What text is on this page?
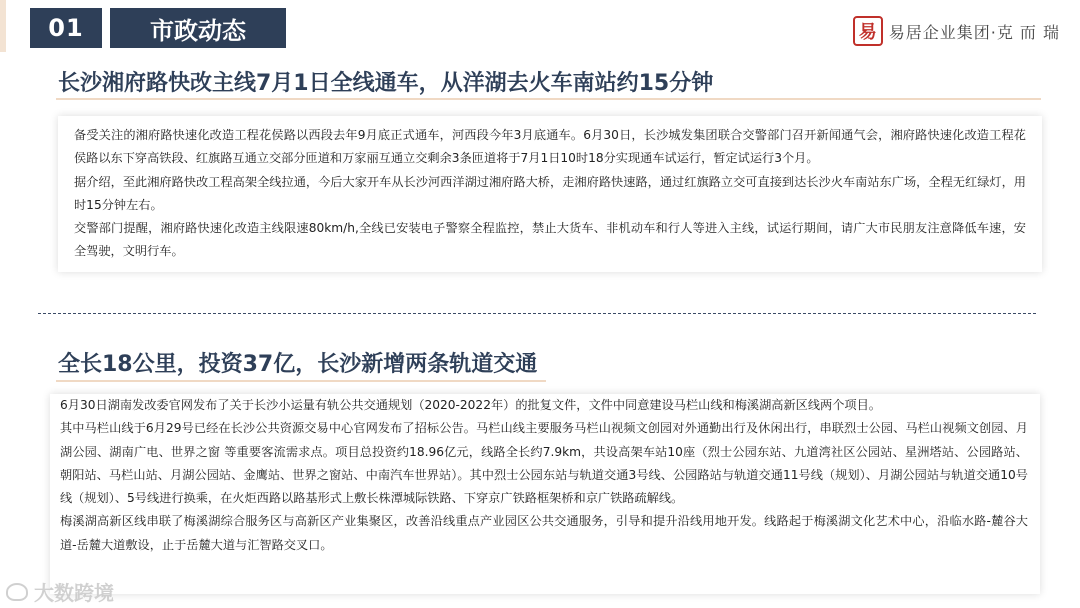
01	市政动态	易 易居企业集团·克 而 瑞
长沙湘府路快改主线7月1日全线通车，从洋湖去火车南站约15分钟

备受关注的湘府路快速化改造工程花侯路以西段去年9月底正式通车，河西段今年3月底通车。6月30日，长沙城发集团联合交警部门召开新闻通气会，湘府路快速化改造工程花侯路以东下穿高铁段、红旗路互通立交部分匝道和万家丽互通立交剩余3条匝道将于7月1日10时18分实现通车试运行，暂定试运行3个月。

据介绍，至此湘府路快改工程高架全线拉通，今后大家开车从长沙河西洋湖过湘府路大桥，走湘府路快速路，通过红旗路立交可直接到达长沙火车南站东广场，全程无红绿灯，用时15分钟左右。

交警部门提醒，湘府路快速化改造主线限速80km/h,全线已安装电子警察全程监控，禁止大货车、非机动车和行人等进入主线，试运行期间，请广大市民朋友注意降低车速，安全驾驶，文明行车。

全长18公里，投资37亿，长沙新增两条轨道交通

6月30日湖南发改委官网发布了关于长沙小运量有轨公共交通规划（2020-2022年）的批复文件，文件中同意建设马栏山线和梅溪湖高新区线两个项目。

其中马栏山线于6月29号已经在长沙公共资源交易中心官网发布了招标公告。马栏山线主要服务马栏山视频文创园对外通勤出行及休闲出行，串联烈士公园、马栏山视频文创园、月湖公园、湖南广电、世界之窗 等重要客流需求点。项目总投资约18.96亿元，线路全长约7.9km，共设高架车站10座（烈士公园东站、九道湾社区公园站、星洲塔站、公园路站、朝阳站、马栏山站、月湖公园站、金鹰站、世界之窗站、中南汽车世界站）。其中烈士公园东站与轨道交通3号线、公园路站与轨道交通11号线（规划）、月湖公园站与轨道交通10号线（规划）、5号线进行换乘，在火炬西路以路基形式上敷长株潭城际铁路、下穿京广铁路框架桥和京广铁路疏解线。

梅溪湖高新区线串联了梅溪湖综合服务区与高新区产业集聚区，改善沿线重点产业园区公共交通服务，引导和提升沿线用地开发。线路起于梅溪湖文化艺术中心，沿临水路-麓谷大道-岳麓大道敷设，止于岳麓大道与汇智路交叉口。

大数跨境
